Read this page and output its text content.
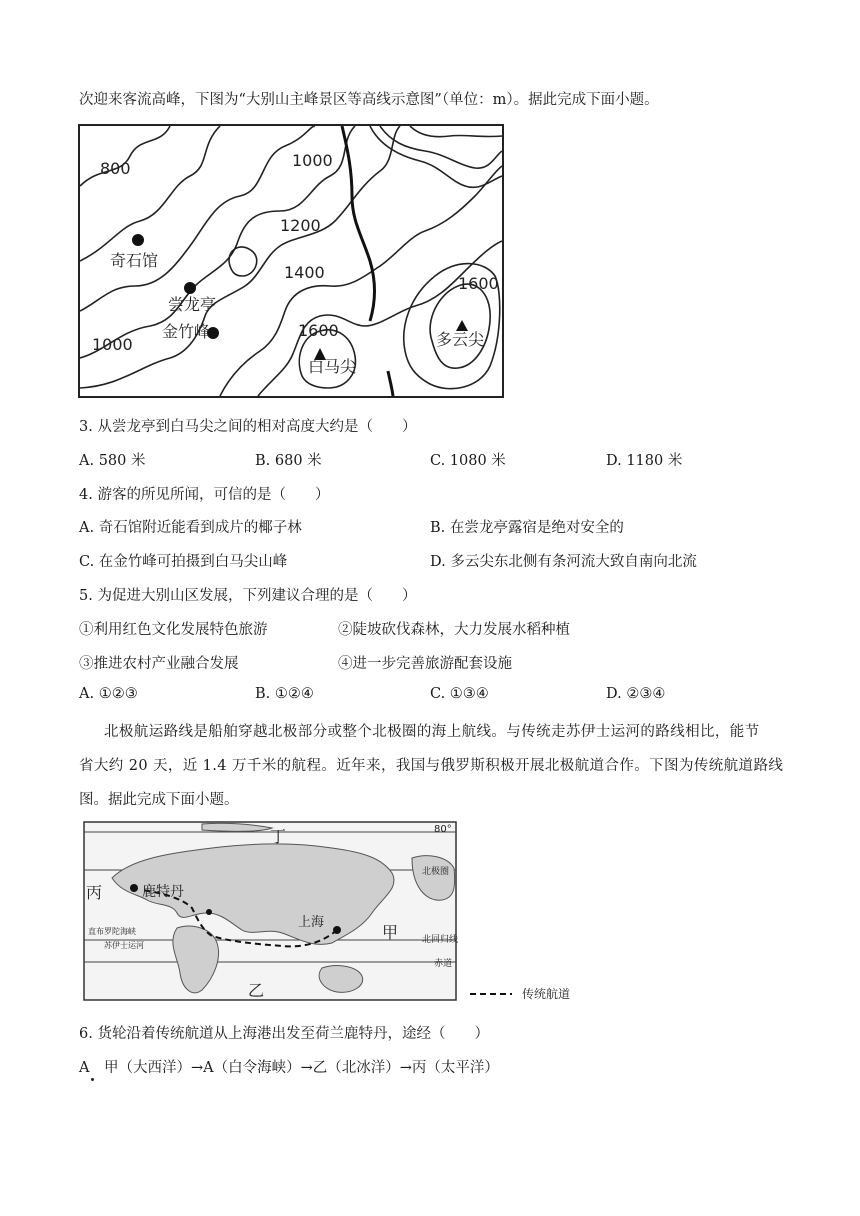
次迎来客流高峰，下图为“大别山主峰景区等高线示意图”（单位：m）。据此完成下面小题。
800	1000
1200
1400
1600
1600
1000
奇石馆
尝龙亭
金竹峰
白马尖
多云尖
3. 从尝龙亭到白马尖之间的相对高度大约是（　　）
A. 580 米	B. 680 米	C. 1080 米	D. 1180 米
4. 游客的所见所闻，可信的是（　　）
A. 奇石馆附近能看到成片的椰子林	B. 在尝龙亭露宿是绝对安全的
C. 在金竹峰可拍摄到白马尖山峰	D. 多云尖东北侧有条河流大致自南向北流
5. 为促进大别山区发展，下列建议合理的是（　　）
①利用红色文化发展特色旅游	②陡坡砍伐森林，大力发展水稻种植
③推进农村产业融合发展	④进一步完善旅游配套设施
A. ①②③	B. ①②④	C. ①③④	D. ②③④
北极航运路线是船舶穿越北极部分或整个北极圈的海上航线。与传统走苏伊士运河的路线相比，能节
省大约 20 天，近 1.4 万千米的航程。近年来，我国与俄罗斯积极开展北极航道合作。下图为传统航道路线
图。据此完成下面小题。
80°
丁
丙	鹿特丹
直布罗陀海峡
苏伊士运河
上海
甲
乙
北极圈
北回归线
赤道
传统航道
6. 货轮沿着传统航道从上海港出发至荷兰鹿特丹，途经（　　）
A　甲（大西洋）→A（白令海峡）→乙（北冰洋）→丙（太平洋）
